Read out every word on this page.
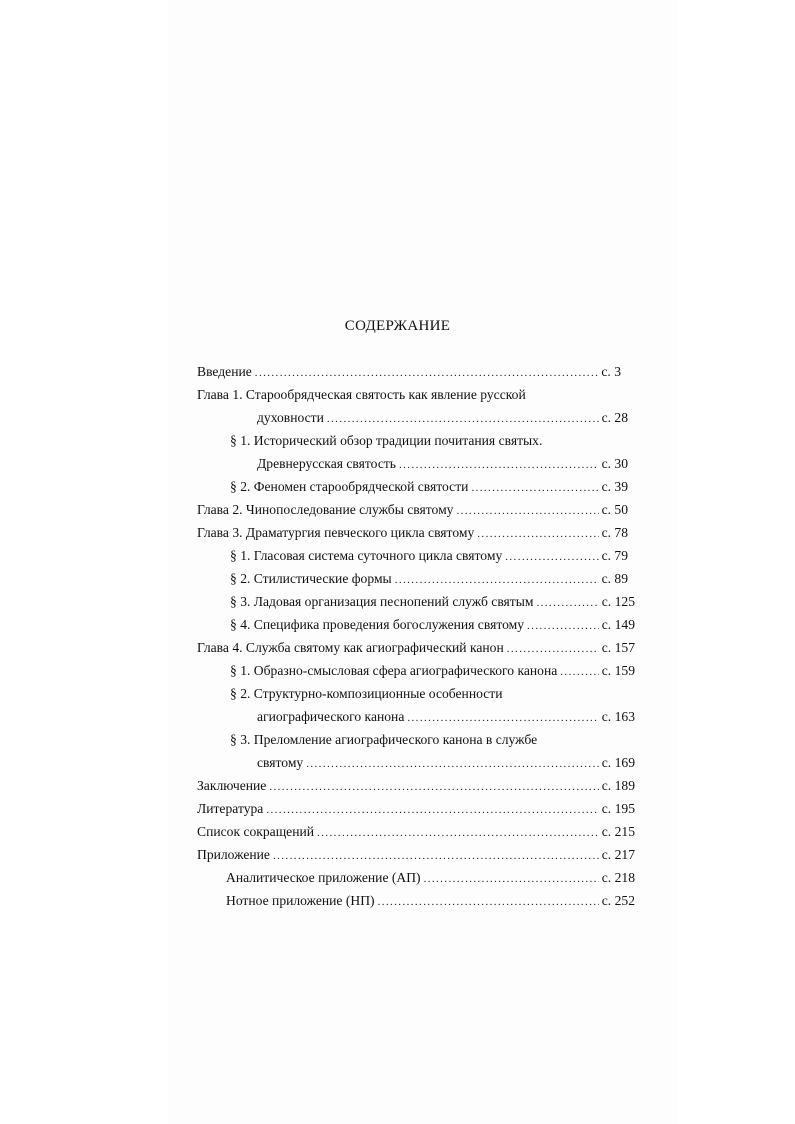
СОДЕРЖАНИЕ
Введение .....	с. 3
Глава 1. Старообрядческая святость как явление русской
духовности .....	с. 28
§ 1. Исторический обзор традиции почитания святых.
Древнерусская святость .....	с. 30
§ 2. Феномен старообрядческой святости .....	с. 39
Глава 2. Чинопоследование службы святому .....	с. 50
Глава 3. Драматургия певческого цикла святому .....	с. 78
§ 1. Гласовая система суточного цикла святому .....	с. 79
§ 2. Стилистические формы .....	с. 89
§ 3. Ладовая организация песнопений служб святым .....	с. 125
§ 4. Специфика проведения богослужения святому .....	с. 149
Глава 4. Служба святому как агиографический канон .....	с. 157
§ 1. Образно-смысловая сфера агиографического канона .....	с. 159
§ 2. Структурно-композиционные особенности
агиографического канона .....	с. 163
§ 3. Преломление агиографического канона в службе
святому .....	с. 169
Заключение .....	с. 189
Литература .....	с. 195
Список сокращений .....	с. 215
Приложение .....	с. 217
Аналитическое приложение (АП) .....	с. 218
Нотное приложение (НП) .....	с. 252
